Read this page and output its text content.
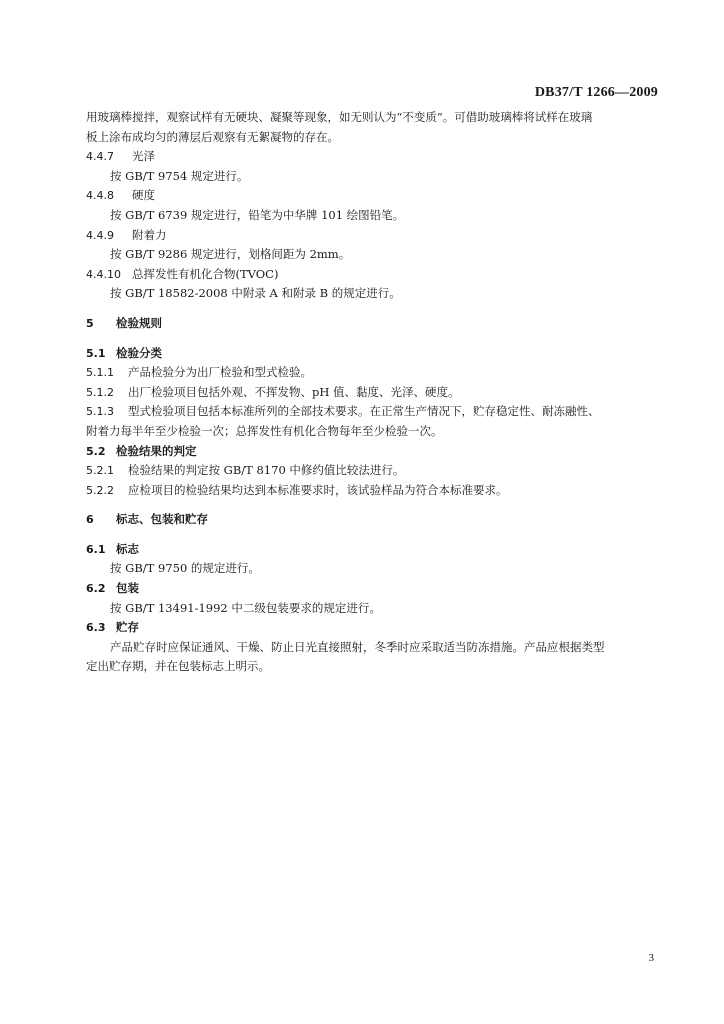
DB37/T 1266—2009
用玻璃棒搅拌，观察试样有无硬块、凝聚等现象，如无则认为“不变质”。可借助玻璃棒将试样在玻璃
板上涂布成均匀的薄层后观察有无絮凝物的存在。
4.4.7 光泽
按 GB/T 9754 规定进行。
4.4.8 硬度
按 GB/T 6739 规定进行，铅笔为中华牌 101 绘图铅笔。
4.4.9 附着力
按 GB/T 9286 规定进行，划格间距为 2mm。
4.4.10 总挥发性有机化合物(TVOC)
按 GB/T 18582-2008 中附录 A 和附录 B 的规定进行。
5 检验规则
5.1 检验分类
5.1.1 产品检验分为出厂检验和型式检验。
5.1.2 出厂检验项目包括外观、不挥发物、pH 值、黏度、光泽、硬度。
5.1.3 型式检验项目包括本标准所列的全部技术要求。在正常生产情况下，贮存稳定性、耐冻融性、
附着力每半年至少检验一次；总挥发性有机化合物每年至少检验一次。
5.2 检验结果的判定
5.2.1 检验结果的判定按 GB/T 8170 中修约值比较法进行。
5.2.2 应检项目的检验结果均达到本标准要求时，该试验样品为符合本标准要求。
6 标志、包装和贮存
6.1 标志
按 GB/T 9750 的规定进行。
6.2 包装
按 GB/T 13491-1992 中二级包装要求的规定进行。
6.3 贮存
产品贮存时应保证通风、干燥、防止日光直接照射，冬季时应采取适当防冻措施。产品应根据类型
定出贮存期，并在包装标志上明示。
3
